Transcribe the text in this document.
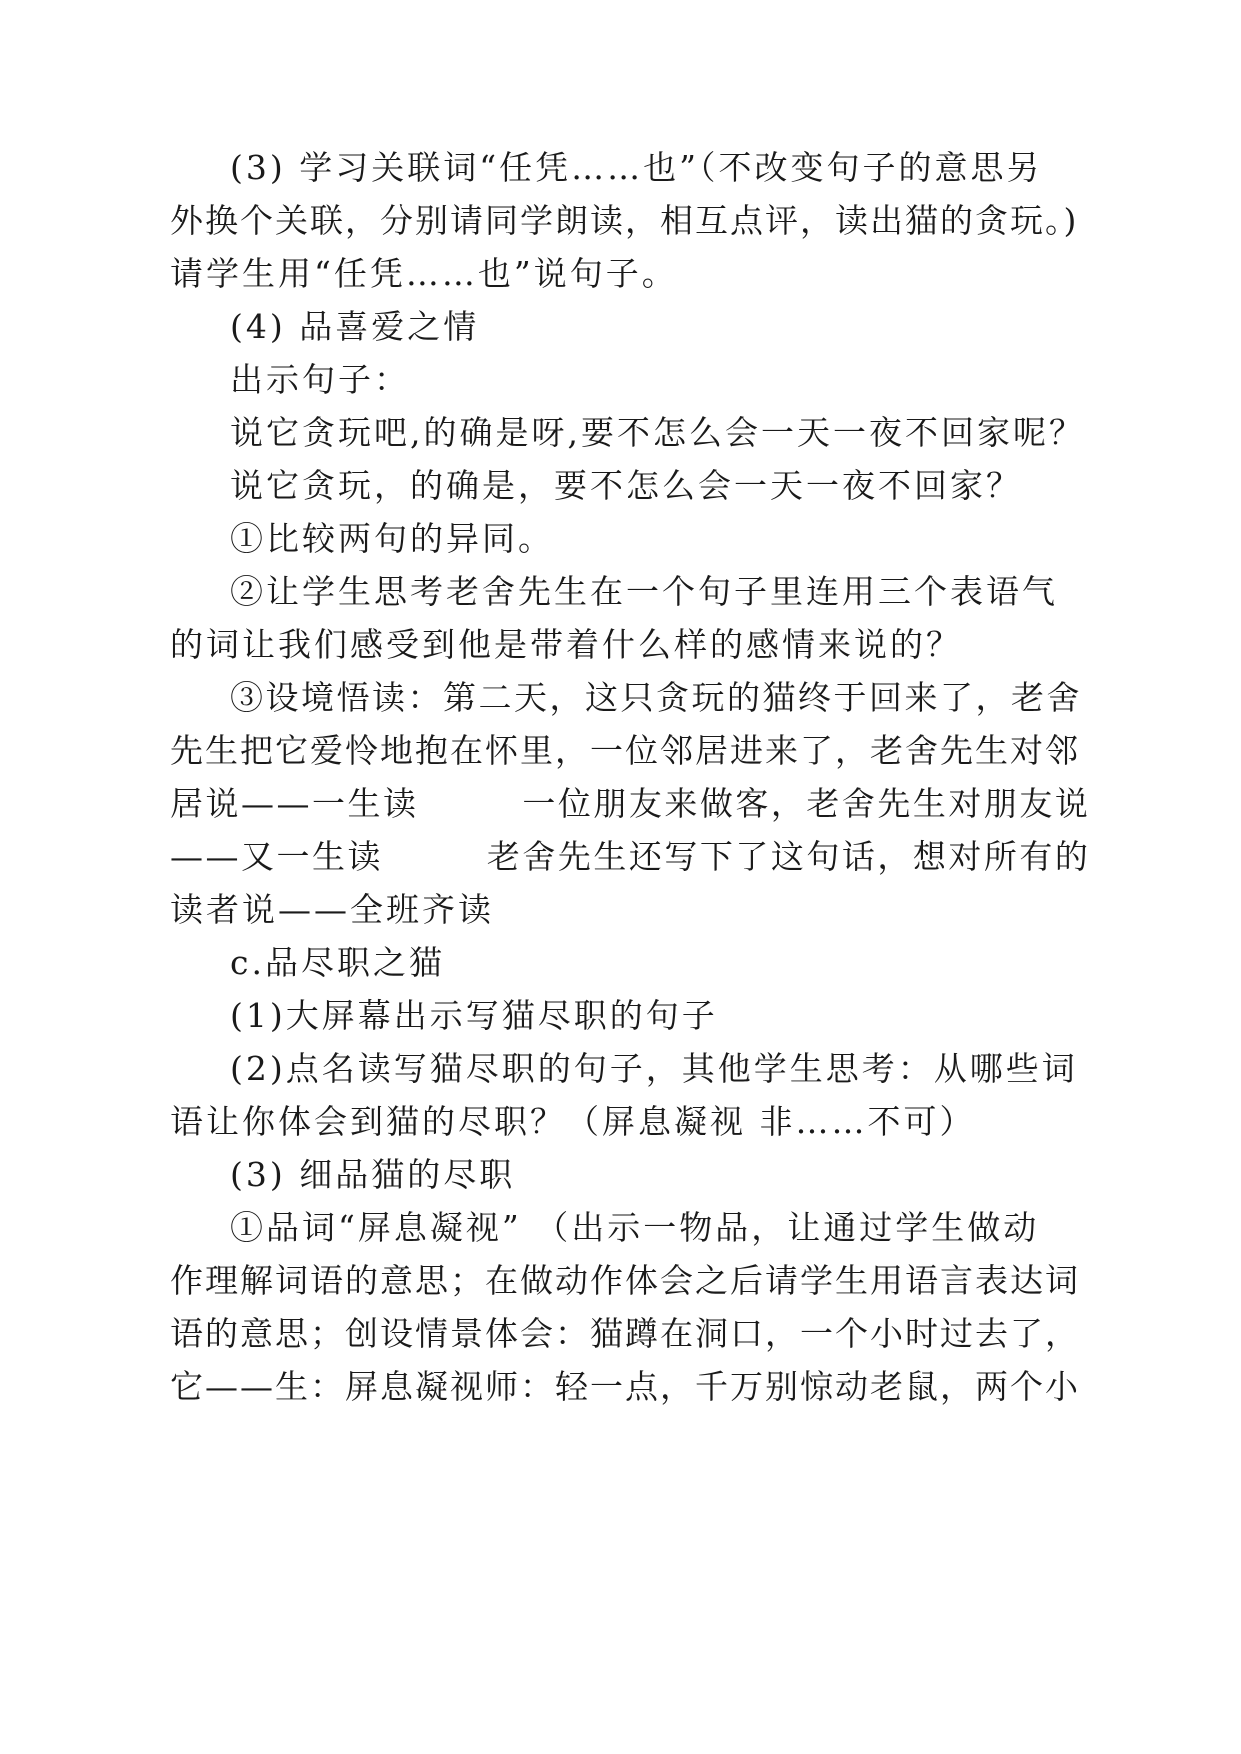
(3) 学习关联词“任凭……也”（不改变句子的意思另
外换个关联，分别请同学朗读，相互点评，读出猫的贪玩。)
请学生用“任凭……也”说句子。
(4) 品喜爱之情
出示句子：
说它贪玩吧,的确是呀,要不怎么会一天一夜不回家呢？
说它贪玩，的确是，要不怎么会一天一夜不回家？
①比较两句的异同。
②让学生思考老舍先生在一个句子里连用三个表语气
的词让我们感受到他是带着什么样的感情来说的？
③设境悟读：第二天，这只贪玩的猫终于回来了，老舍
先生把它爱怜地抱在怀里，一位邻居进来了，老舍先生对邻
居说——一生读        一位朋友来做客，老舍先生对朋友说
——又一生读        老舍先生还写下了这句话，想对所有的
读者说——全班齐读
c.品尽职之猫
(1)大屏幕出示写猫尽职的句子
(2)点名读写猫尽职的句子，其他学生思考：从哪些词
语让你体会到猫的尽职？（屏息凝视 非……不可）
(3) 细品猫的尽职
①品词“屏息凝视” （出示一物品，让通过学生做动
作理解词语的意思；在做动作体会之后请学生用语言表达词
语的意思；创设情景体会：猫蹲在洞口，一个小时过去了，
它——生：屏息凝视师：轻一点，千万别惊动老鼠，两个小
